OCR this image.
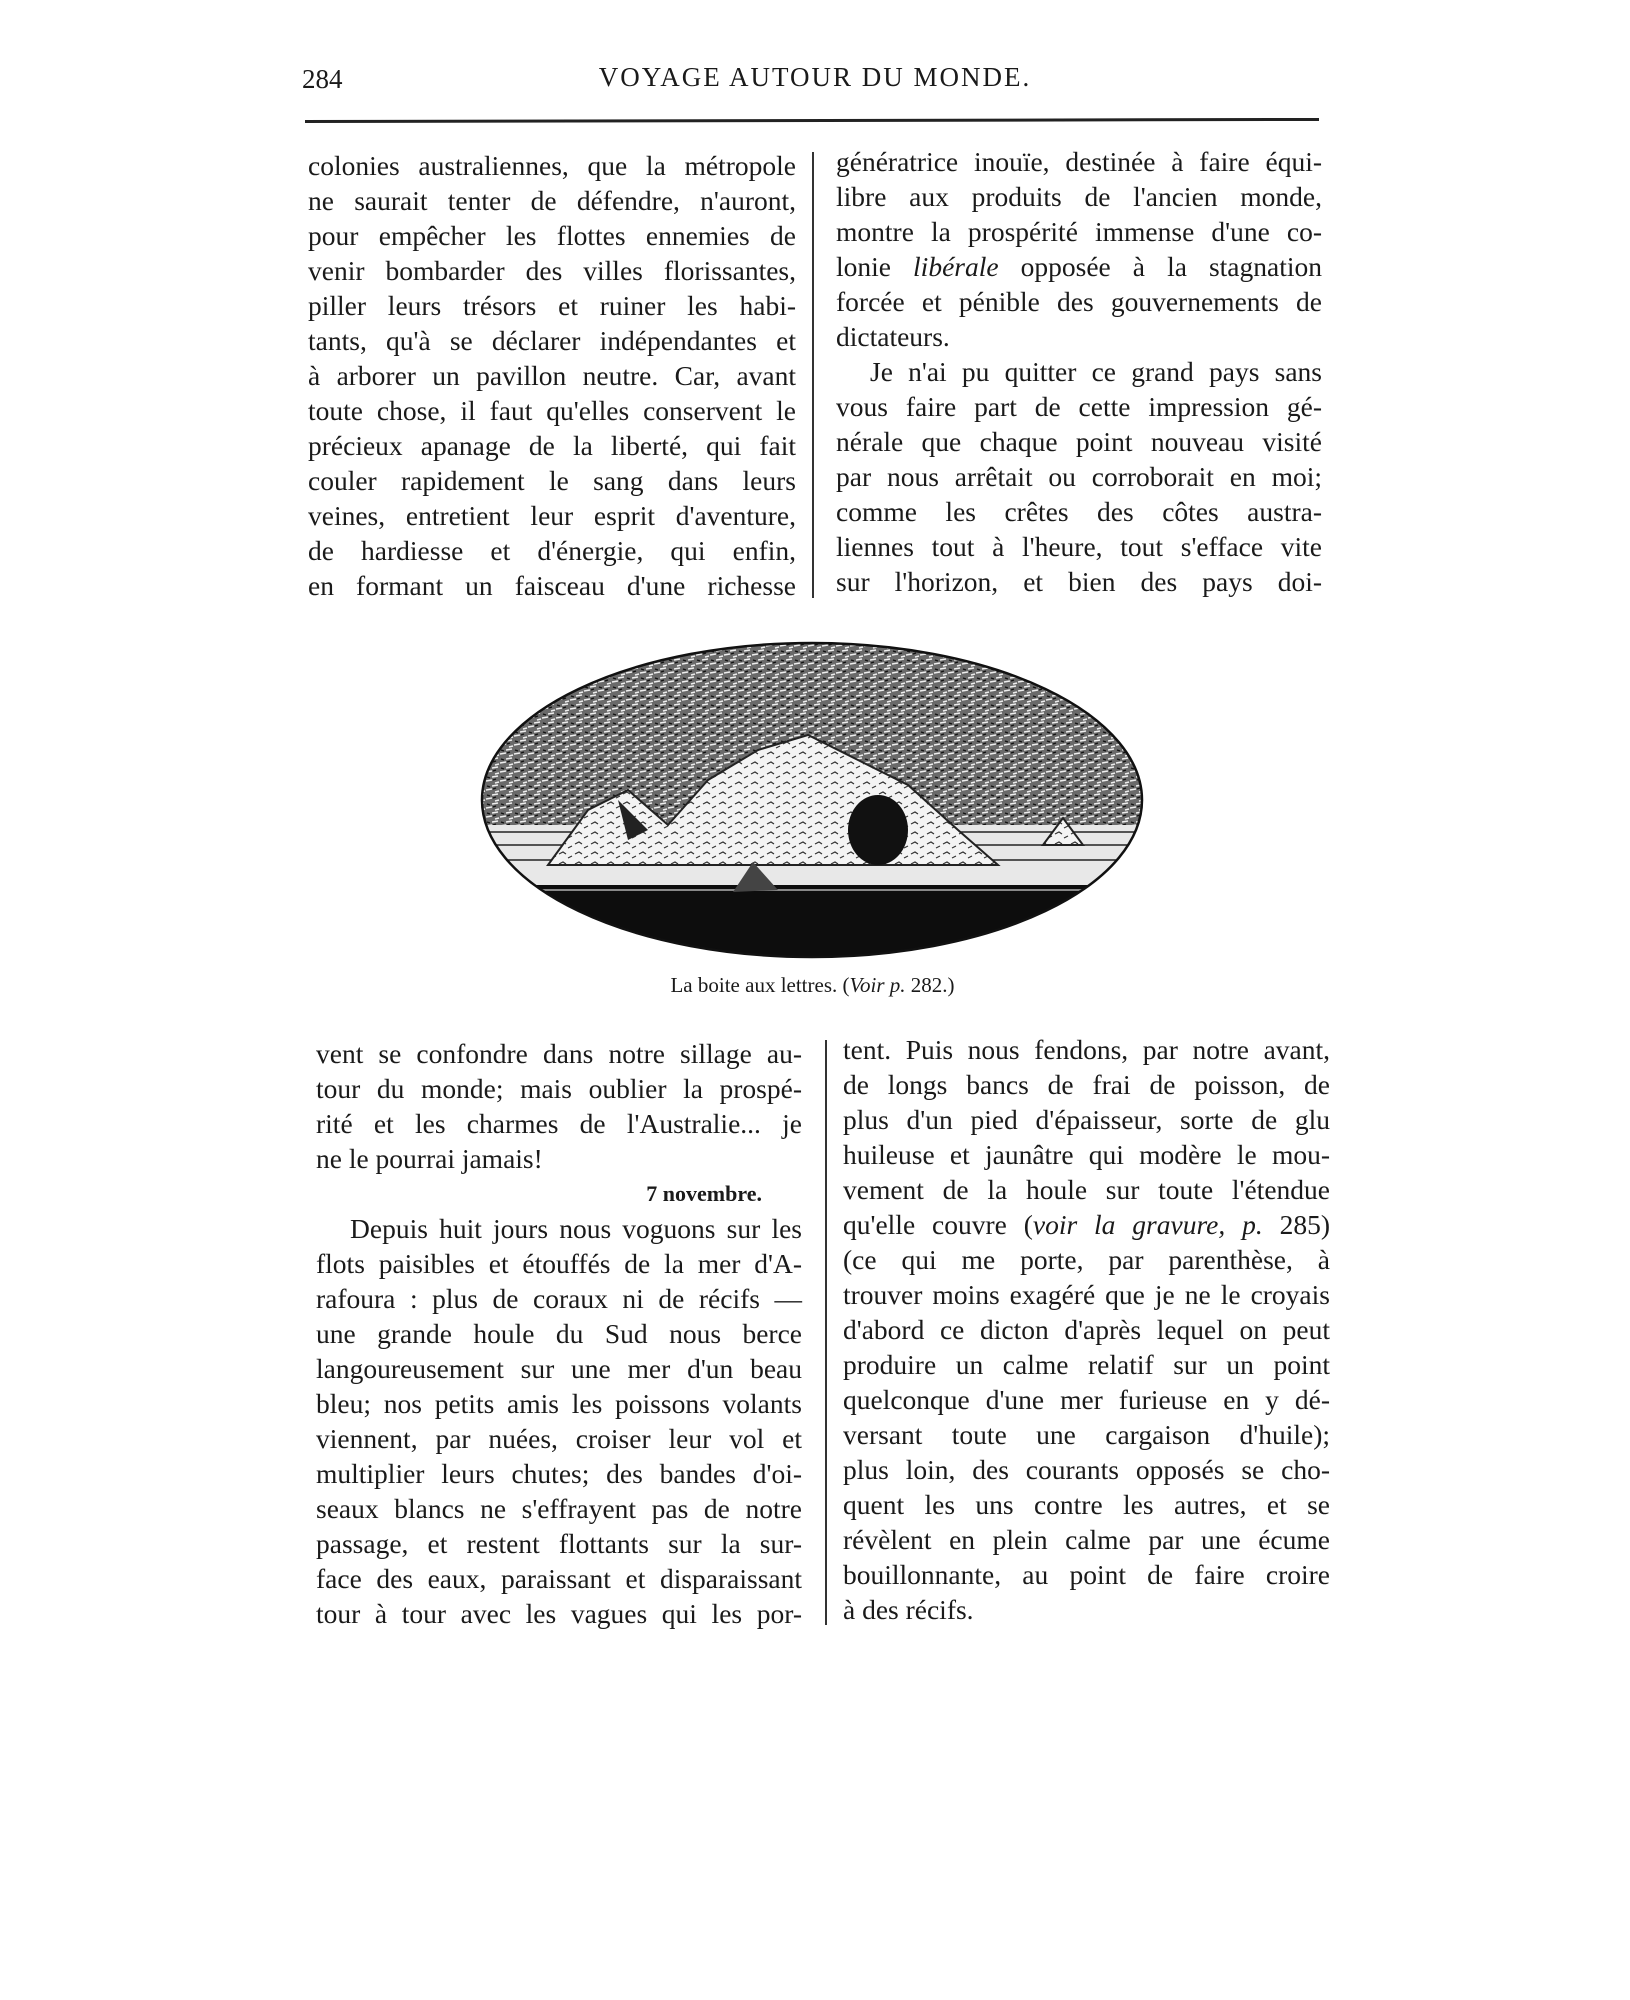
284	VOYAGE AUTOUR DU MONDE.
colonies australiennes, que la métropole
ne saurait tenter de défendre, n'auront,
pour empêcher les flottes ennemies de
venir bombarder des villes florissantes,
piller leurs trésors et ruiner les habi-
tants, qu'à se déclarer indépendantes et
à arborer un pavillon neutre. Car, avant
toute chose, il faut qu'elles conservent le
précieux apanage de la liberté, qui fait
couler rapidement le sang dans leurs
veines, entretient leur esprit d'aventure,
de hardiesse et d'énergie, qui enfin,
en formant un faisceau d'une richesse
génératrice inouïe, destinée à faire équi-
libre aux produits de l'ancien monde,
montre la prospérité immense d'une co-
lonie libérale opposée à la stagnation
forcée et pénible des gouvernements de
dictateurs.
Je n'ai pu quitter ce grand pays sans
vous faire part de cette impression gé-
nérale que chaque point nouveau visité
par nous arrêtait ou corroborait en moi;
comme les crêtes des côtes austra-
liennes tout à l'heure, tout s'efface vite
sur l'horizon, et bien des pays doi-
La boite aux lettres. (Voir p. 282.)
vent se confondre dans notre sillage au-
tour du monde; mais oublier la prospé-
rité et les charmes de l'Australie... je
ne le pourrai jamais!
7 novembre.
Depuis huit jours nous voguons sur les
flots paisibles et étouffés de la mer d'A-
rafoura : plus de coraux ni de récifs —
une grande houle du Sud nous berce
langoureusement sur une mer d'un beau
bleu; nos petits amis les poissons volants
viennent, par nuées, croiser leur vol et
multiplier leurs chutes; des bandes d'oi-
seaux blancs ne s'effrayent pas de notre
passage, et restent flottants sur la sur-
face des eaux, paraissant et disparaissant
tour à tour avec les vagues qui les por-
tent. Puis nous fendons, par notre avant,
de longs bancs de frai de poisson, de
plus d'un pied d'épaisseur, sorte de glu
huileuse et jaunâtre qui modère le mou-
vement de la houle sur toute l'étendue
qu'elle couvre (voir la gravure, p. 285)
(ce qui me porte, par parenthèse, à
trouver moins exagéré que je ne le croyais
d'abord ce dicton d'après lequel on peut
produire un calme relatif sur un point
quelconque d'une mer furieuse en y dé-
versant toute une cargaison d'huile);
plus loin, des courants opposés se cho-
quent les uns contre les autres, et se
révèlent en plein calme par une écume
bouillonnante, au point de faire croire
à des récifs.
